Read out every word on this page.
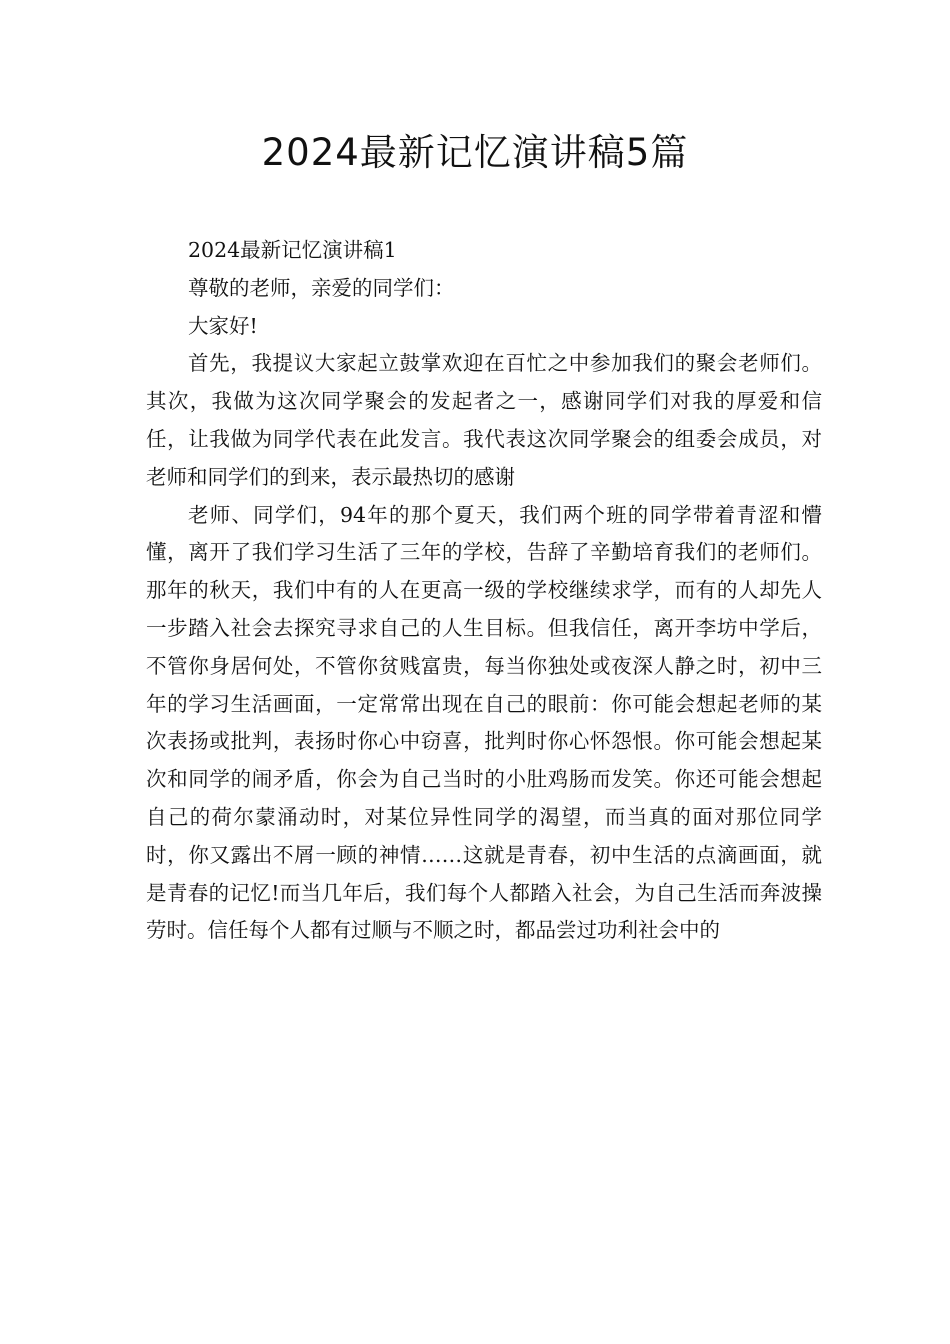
2024最新记忆演讲稿5篇

2024最新记忆演讲稿1

尊敬的老师，亲爱的同学们：

大家好!

首先，我提议大家起立鼓掌欢迎在百忙之中参加我们的聚会老师们。其次，我做为这次同学聚会的发起者之一，感谢同学们对我的厚爱和信任，让我做为同学代表在此发言。我代表这次同学聚会的组委会成员，对老师和同学们的到来，表示最热切的感谢

老师、同学们，94年的那个夏天，我们两个班的同学带着青涩和懵懂，离开了我们学习生活了三年的学校，告辞了辛勤培育我们的老师们。那年的秋天，我们中有的人在更高一级的学校继续求学，而有的人却先人一步踏入社会去探究寻求自己的人生目标。但我信任，离开李坊中学后，不管你身居何处，不管你贫贱富贵，每当你独处或夜深人静之时，初中三年的学习生活画面，一定常常出现在自己的眼前：你可能会想起老师的某次表扬或批判，表扬时你心中窃喜，批判时你心怀怨恨。你可能会想起某次和同学的闹矛盾，你会为自己当时的小肚鸡肠而发笑。你还可能会想起自己的荷尔蒙涌动时，对某位异性同学的渴望，而当真的面对那位同学时，你又露出不屑一顾的神情……这就是青春，初中生活的点滴画面，就是青春的记忆!而当几年后，我们每个人都踏入社会，为自己生活而奔波操劳时。信任每个人都有过顺与不顺之时，都品尝过功利社会中的
